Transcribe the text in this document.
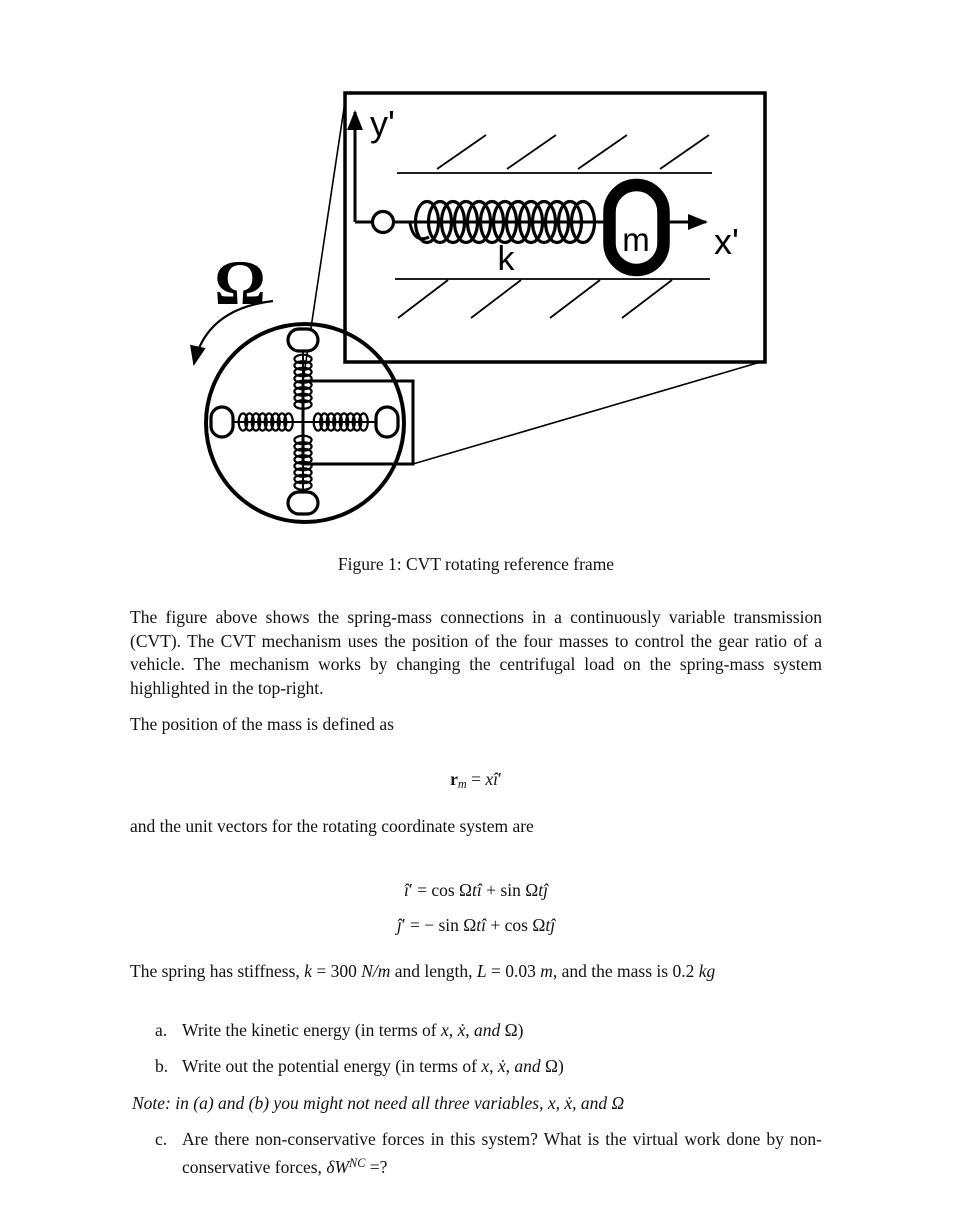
y'
x'
k
m
Ω
Figure 1: CVT rotating reference frame
The figure above shows the spring-mass connections in a continuously variable transmission (CVT). The CVT mechanism uses the position of the four masses to control the gear ratio of a vehicle. The mechanism works by changing the centrifugal load on the spring-mass system highlighted in the top-right.
The position of the mass is defined as
$r_m$ = xî′
and the unit vectors for the rotating coordinate system are
î′ = cos Ωtî + sin Ωtĵ
ĵ′ = − sin Ωtî + cos Ωtĵ
The spring has stiffness, k = 300 N/m and length, L = 0.03 m, and the mass is 0.2 kg
a. Write the kinetic energy (in terms of x, ẋ, and Ω)
b. Write out the potential energy (in terms of x, ẋ, and Ω)
Note: in (a) and (b) you might not need all three variables, x, ẋ, and Ω
c. Are there non-conservative forces in this system? What is the virtual work done by non-conservative forces, $\delta W^{NC}$ =?
